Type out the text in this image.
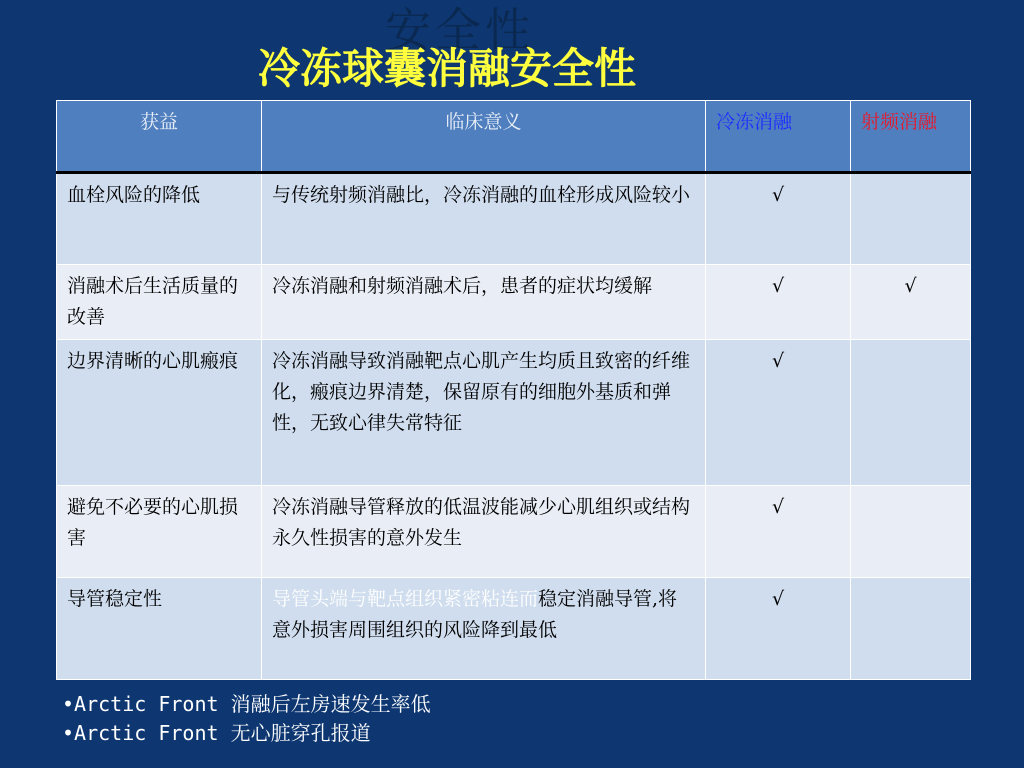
安全性
冷冻球囊消融安全性
获益	临床意义	冷冻消融	射频消融
血栓风险的降低	与传统射频消融比，冷冻消融的血栓形成风险较小	√	
消融术后生活质量的改善	冷冻消融和射频消融术后，患者的症状均缓解	√	√
边界清晰的心肌瘢痕	冷冻消融导致消融靶点心肌产生均质且致密的纤维化，瘢痕边界清楚，保留原有的细胞外基质和弹性，无致心律失常特征	√	
避免不必要的心肌损害	冷冻消融导管释放的低温波能减少心肌组织或结构永久性损害的意外发生	√	
导管稳定性	导管头端与靶点组织紧密粘连而稳定消融导管,将意外损害周围组织的风险降到最低	√	
•Arctic Front 消融后左房速发生率低
•Arctic Front 无心脏穿孔报道
